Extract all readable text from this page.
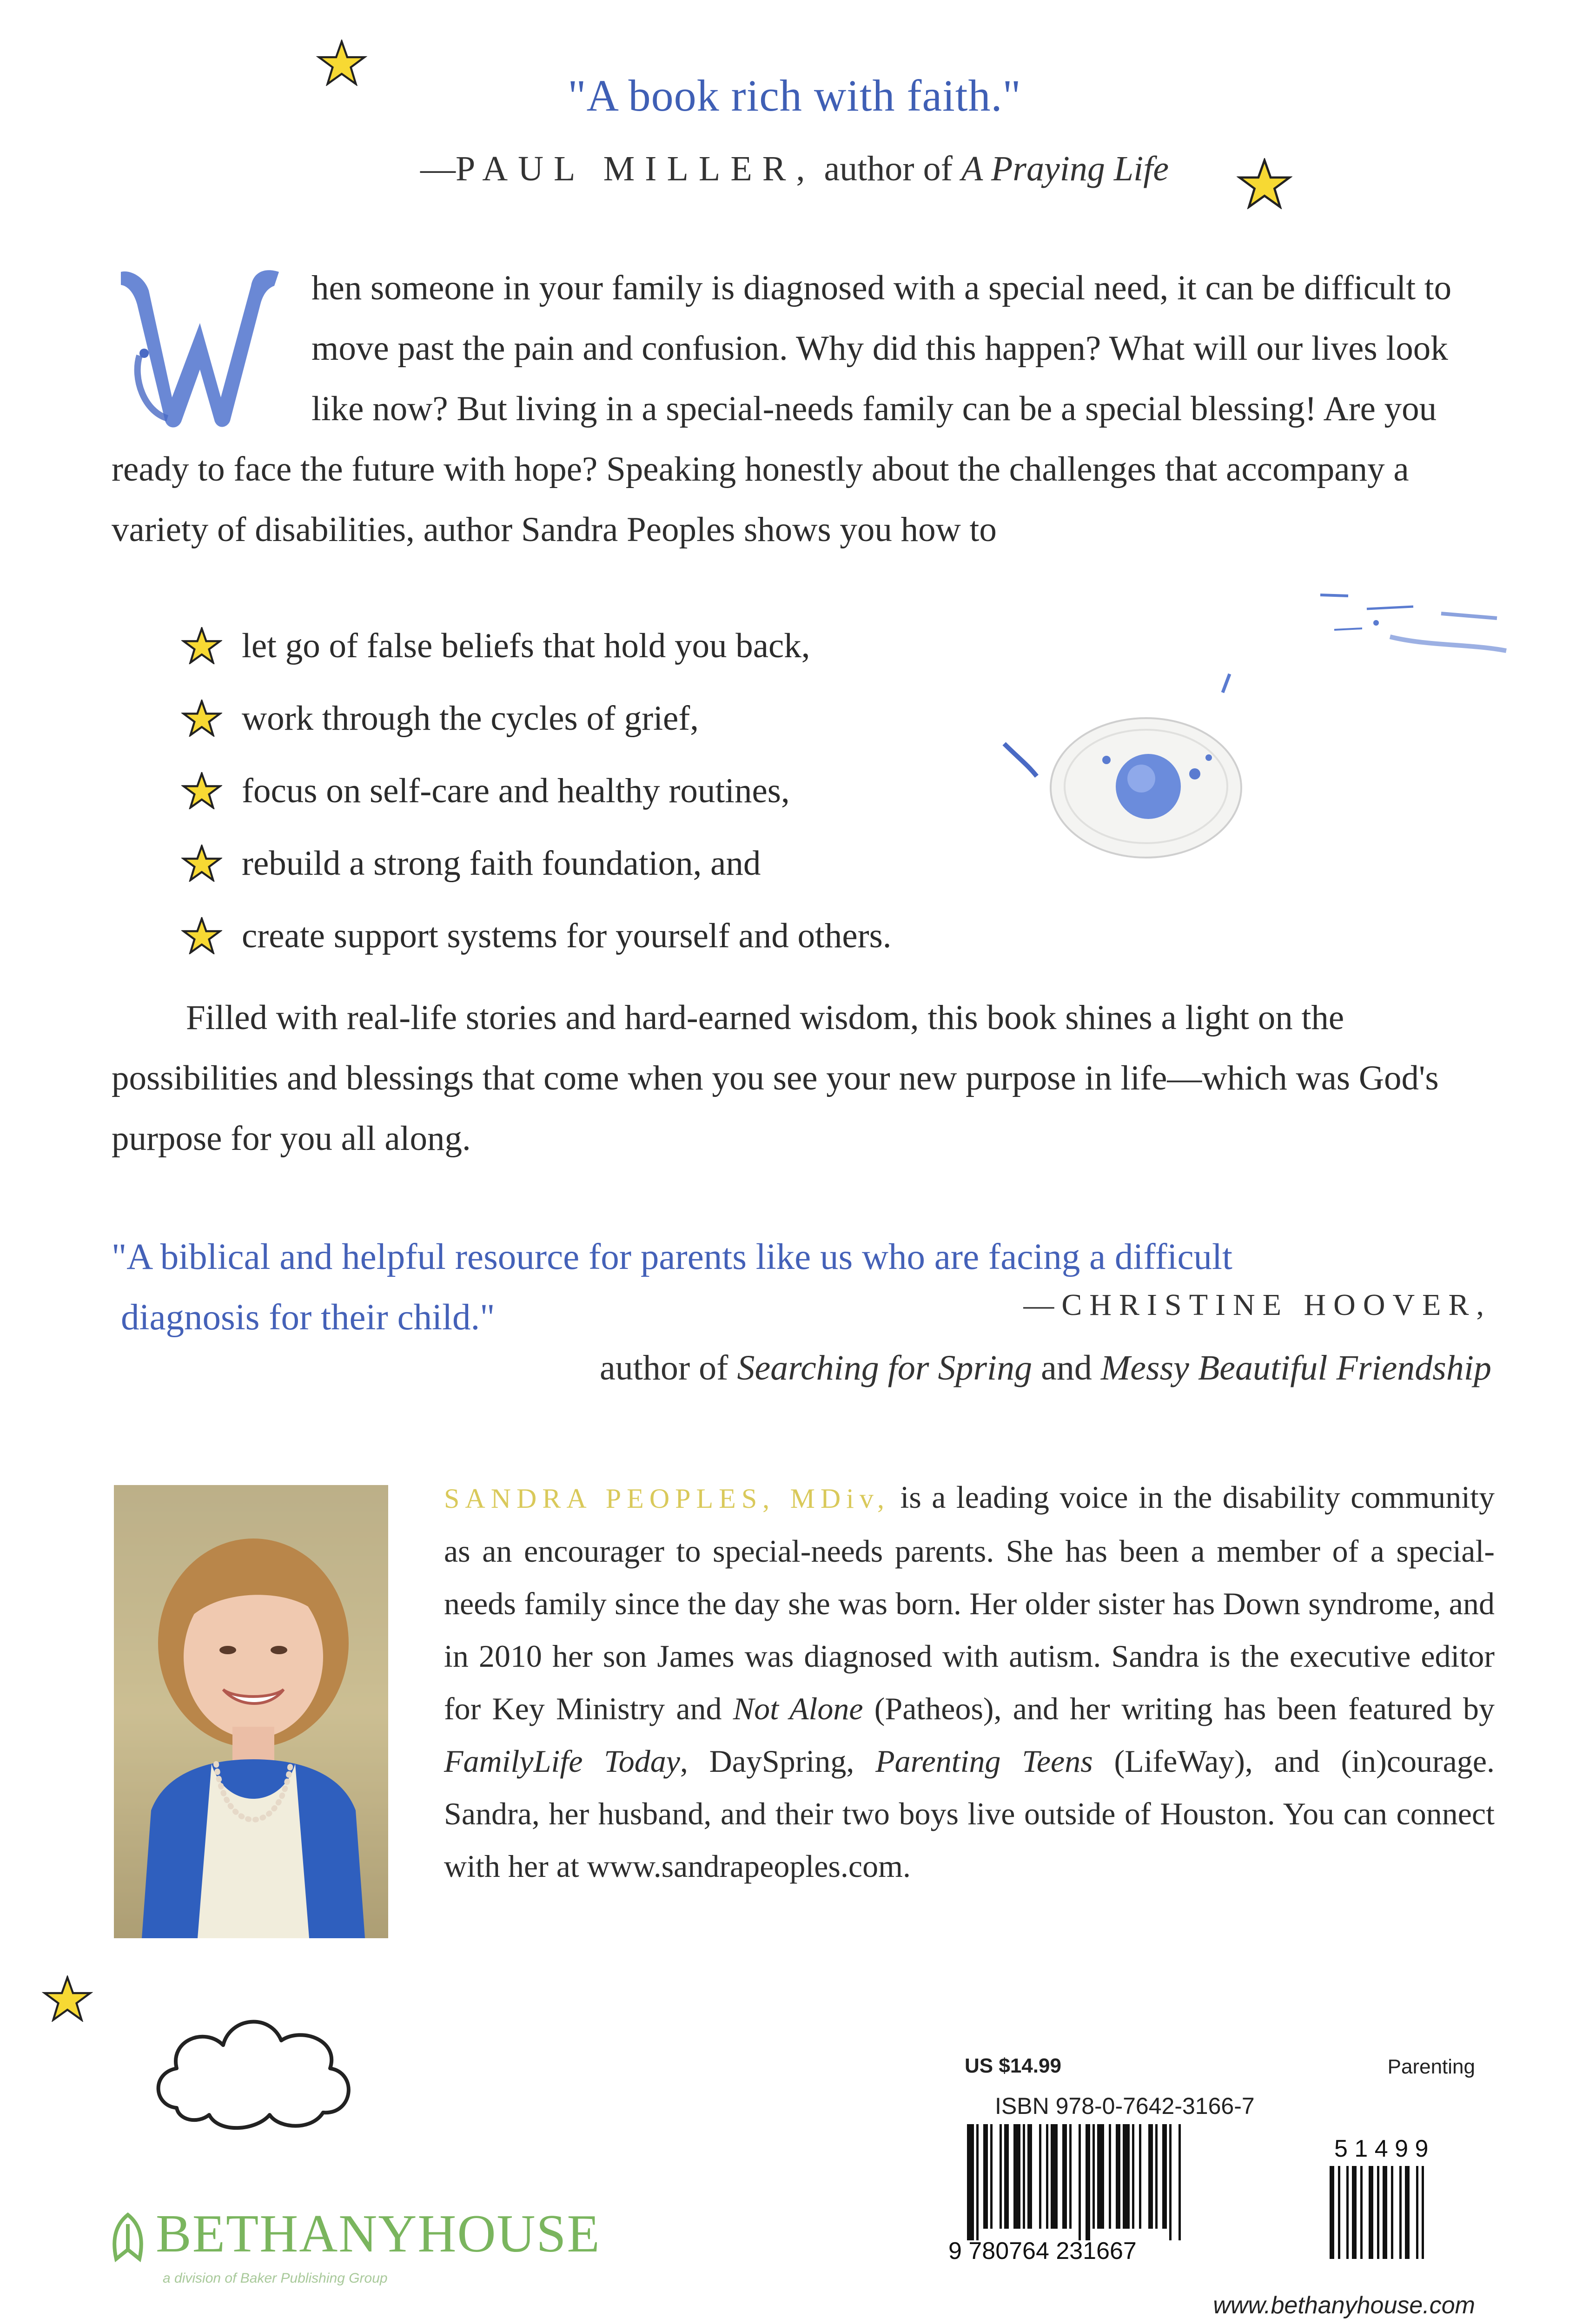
"A book rich with faith."
—PAUL MILLER, author of A Praying Life
hen someone in your family is diagnosed with a special need, it can be difficult to move past the pain and confusion. Why did this happen? What will our lives look like now? But living in a special-needs family can be a special blessing! Are you ready to face the future with hope? Speaking honestly about the challenges that accompany a variety of disabilities, author Sandra Peoples shows you how to
let go of false beliefs that hold you back,
work through the cycles of grief,
focus on self-care and healthy routines,
rebuild a strong faith foundation, and
create support systems for yourself and others.
Filled with real-life stories and hard-earned wisdom, this book shines a light on the possibilities and blessings that come when you see your new purpose in life—which was God's purpose for you all along.
"A biblical and helpful resource for parents like us who are facing a difficult
diagnosis for their child."	—CHRISTINE HOOVER,
author of Searching for Spring and Messy Beautiful Friendship
SANDRA PEOPLES, MDiv, is a leading voice in the disability community as an encourager to special-needs parents. She has been a member of a special-needs family since the day she was born. Her older sister has Down syndrome, and in 2010 her son James was diagnosed with autism. Sandra is the executive editor for Key Ministry and Not Alone (Patheos), and her writing has been featured by FamilyLife Today, DaySpring, Parenting Teens (LifeWay), and (in)courage. Sandra, her husband, and their two boys live outside of Houston. You can connect with her at www.sandrapeoples.com.
BETHANYHOUSE
a division of Baker Publishing Group
US $14.99	Parenting
ISBN 978-0-7642-3166-7
9 780764 231667
5 1 4 9 9
www.bethanyhouse.com
